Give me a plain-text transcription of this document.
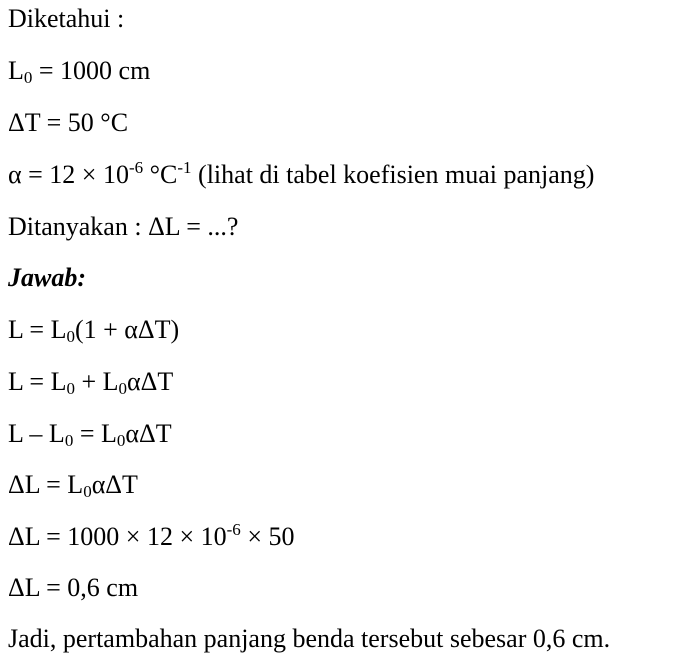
Diketahui :
$L_0 = 1000$ cm
ΔT = 50 °C
$\alpha = 12 \times 10^{-6}$ $^\circ C^{-1}$ (lihat di tabel koefisien muai panjang)
Ditanyakan : ΔL = ...?
Jawab:
$L = L_0(1 + \alpha\Delta T)$
$L = L_0 + L_0\alpha\Delta T$
$L - L_0 = L_0\alpha\Delta T$
$\Delta L = L_0\alpha\Delta T$
$\Delta L = 1000 \times 12 \times 10^{-6} \times 50$
ΔL = 0,6 cm
Jadi, pertambahan panjang benda tersebut sebesar 0,6 cm.
